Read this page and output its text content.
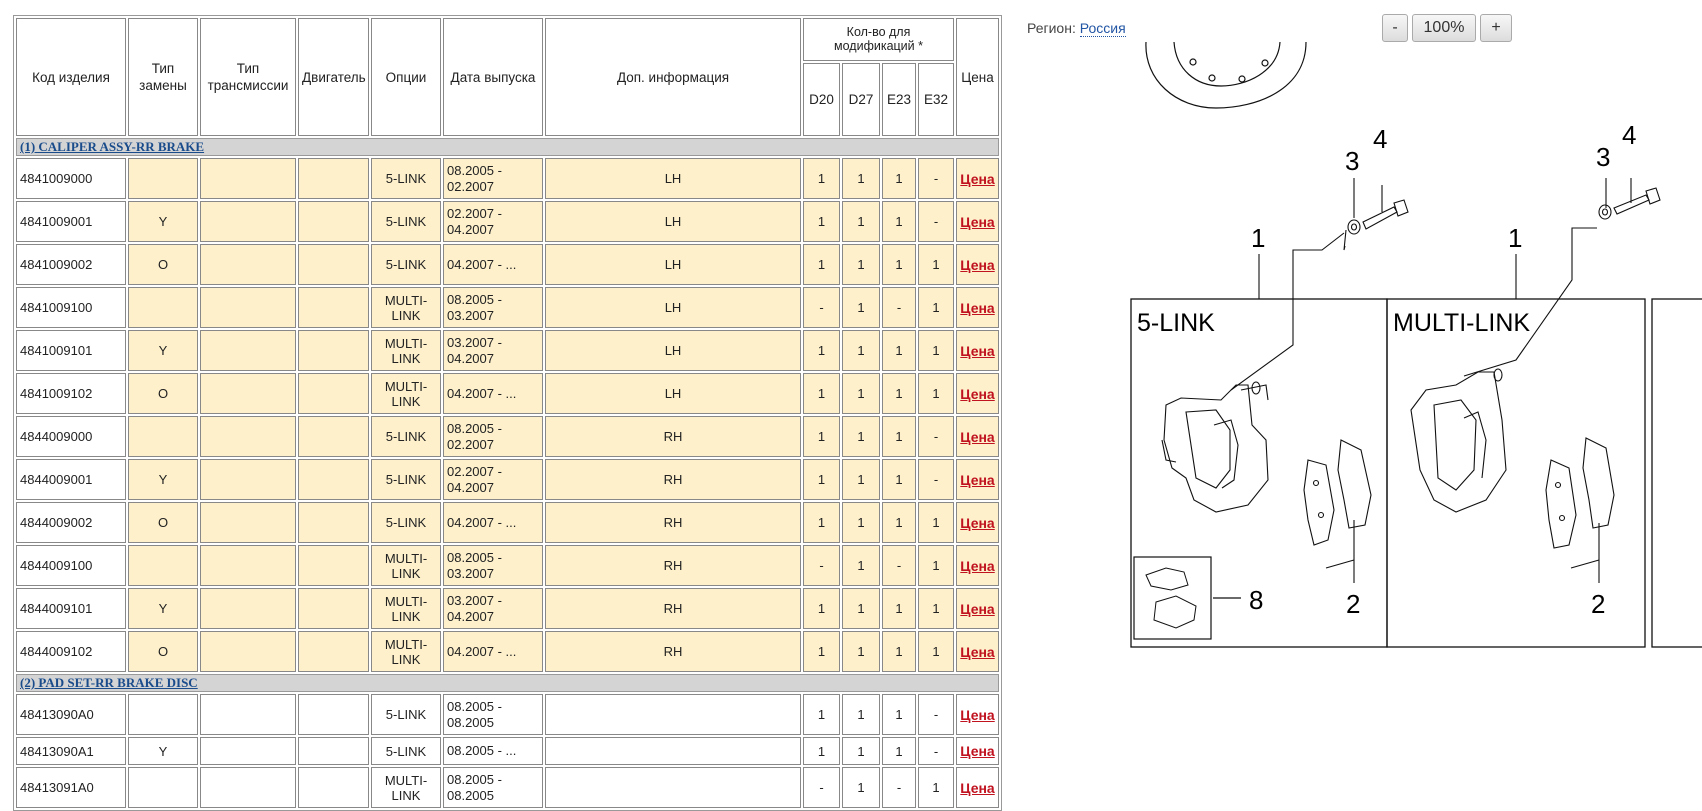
Код изделия	Тип замены	Тип трансмиссии	Двигатель	Опции	Дата выпуска	Доп. информация	Кол-во для модификаций *				Цена
							D20	D27	E23	E32	
(1) CALIPER ASSY-RR BRAKE											
4841009000				5-LINK	08.2005 - 02.2007	LH	1	1	1	-	Цена
4841009001	Y			5-LINK	02.2007 - 04.2007	LH	1	1	1	-	Цена
4841009002	O			5-LINK	04.2007 - ...	LH	1	1	1	1	Цена
4841009100				MULTI-LINK	08.2005 - 03.2007	LH	-	1	-	1	Цена
4841009101	Y			MULTI-LINK	03.2007 - 04.2007	LH	1	1	1	1	Цена
4841009102	O			MULTI-LINK	04.2007 - ...	LH	1	1	1	1	Цена
4844009000				5-LINK	08.2005 - 02.2007	RH	1	1	1	-	Цена
4844009001	Y			5-LINK	02.2007 - 04.2007	RH	1	1	1	-	Цена
4844009002	O			5-LINK	04.2007 - ...	RH	1	1	1	1	Цена
4844009100				MULTI-LINK	08.2005 - 03.2007	RH	-	1	-	1	Цена
4844009101	Y			MULTI-LINK	03.2007 - 04.2007	RH	1	1	1	1	Цена
4844009102	O			MULTI-LINK	04.2007 - ...	RH	1	1	1	1	Цена
(2) PAD SET-RR BRAKE DISC											
48413090A0				5-LINK	08.2005 - 08.2005		1	1	1	-	Цена
48413090A1	Y			5-LINK	08.2005 - ...		1	1	1	-	Цена
48413091A0				MULTI-LINK	08.2005 - 08.2005		-	1	-	1	Цена
5-LINK	MULTI-LINK
1
2
3
4
8
1
2
3
4
Регион: Россия	-	100%	+
